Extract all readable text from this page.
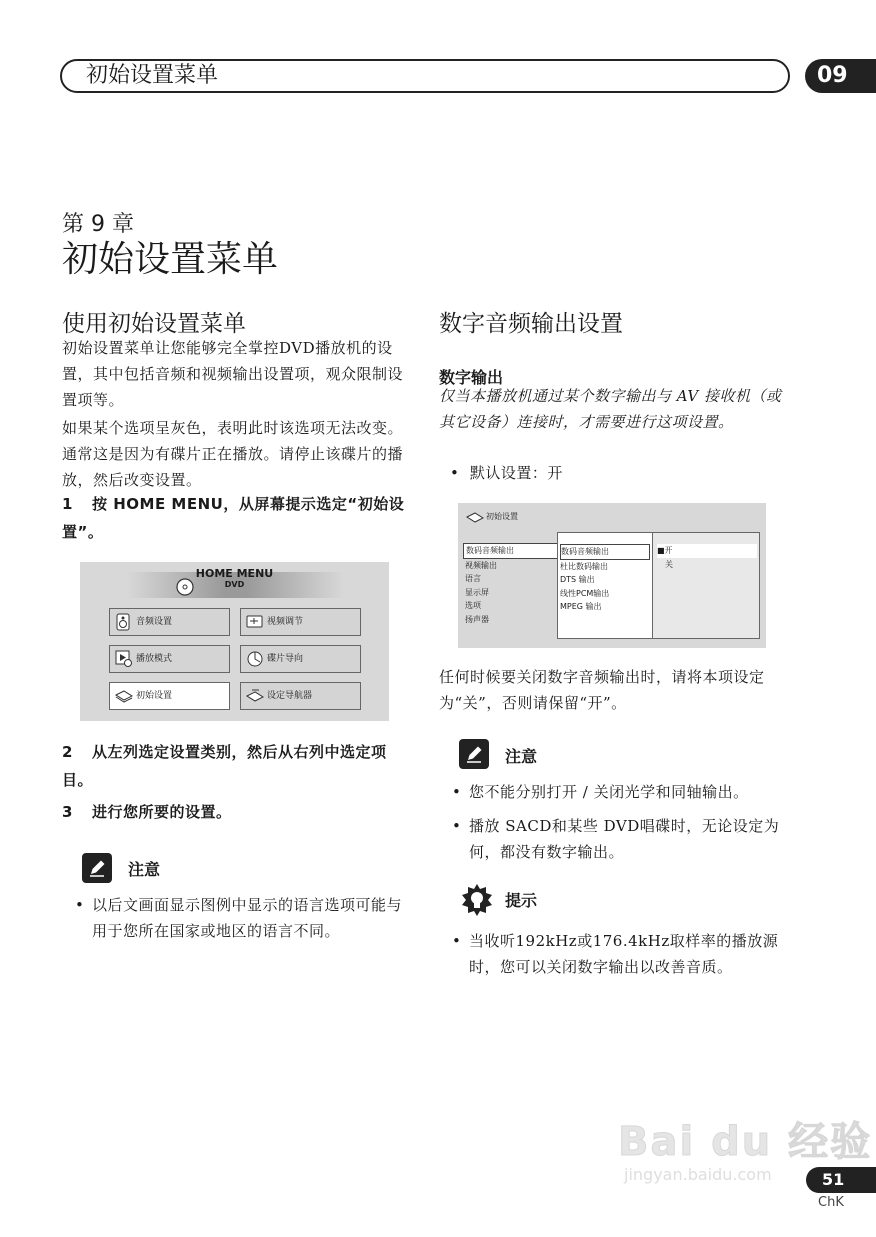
初始设置菜单	09
第 9 章
初始设置菜单
使用初始设置菜单
初始设置菜单让您能够完全掌控DVD播放机的设置，其中包括音频和视频输出设置项，观众限制设置项等。
如果某个选项呈灰色，表明此时该选项无法改变。通常这是因为有碟片正在播放。请停止该碟片的播放，然后改变设置。
1 按 HOME MENU，从屏幕提示选定“初始设置”。
HOME MENU
DVD
音频设置	视频调节
播放模式	碟片导向
初始设置	设定导航器
2 从左列选定设置类别，然后从右列中选定项目。
3 进行您所要的设置。
注意
• 以后文画面显示图例中显示的语言选项可能与用于您所在国家或地区的语言不同。
数字音频输出设置
数字输出
仅当本播放机通过某个数字输出与 AV 接收机（或其它设备）连接时，才需要进行这项设置。
•  默认设置：开
初始设置
数码音频输出
视频输出
语言
显示屏
选项
扬声器
数码音频输出
杜比数码输出
DTS 输出
线性PCM输出
MPEG 输出
■开
关
任何时候要关闭数字音频输出时，请将本项设定为“关”，否则请保留“开”。
注意
• 您不能分别打开 / 关闭光学和同轴输出。
• 播放 SACD和某些 DVD唱碟时，无论设定为何，都没有数字输出。
提示
• 当收听192kHz或176.4kHz取样率的播放源时，您可以关闭数字输出以改善音质。
Bai du 经验
jingyan.baidu.com	51
ChK
